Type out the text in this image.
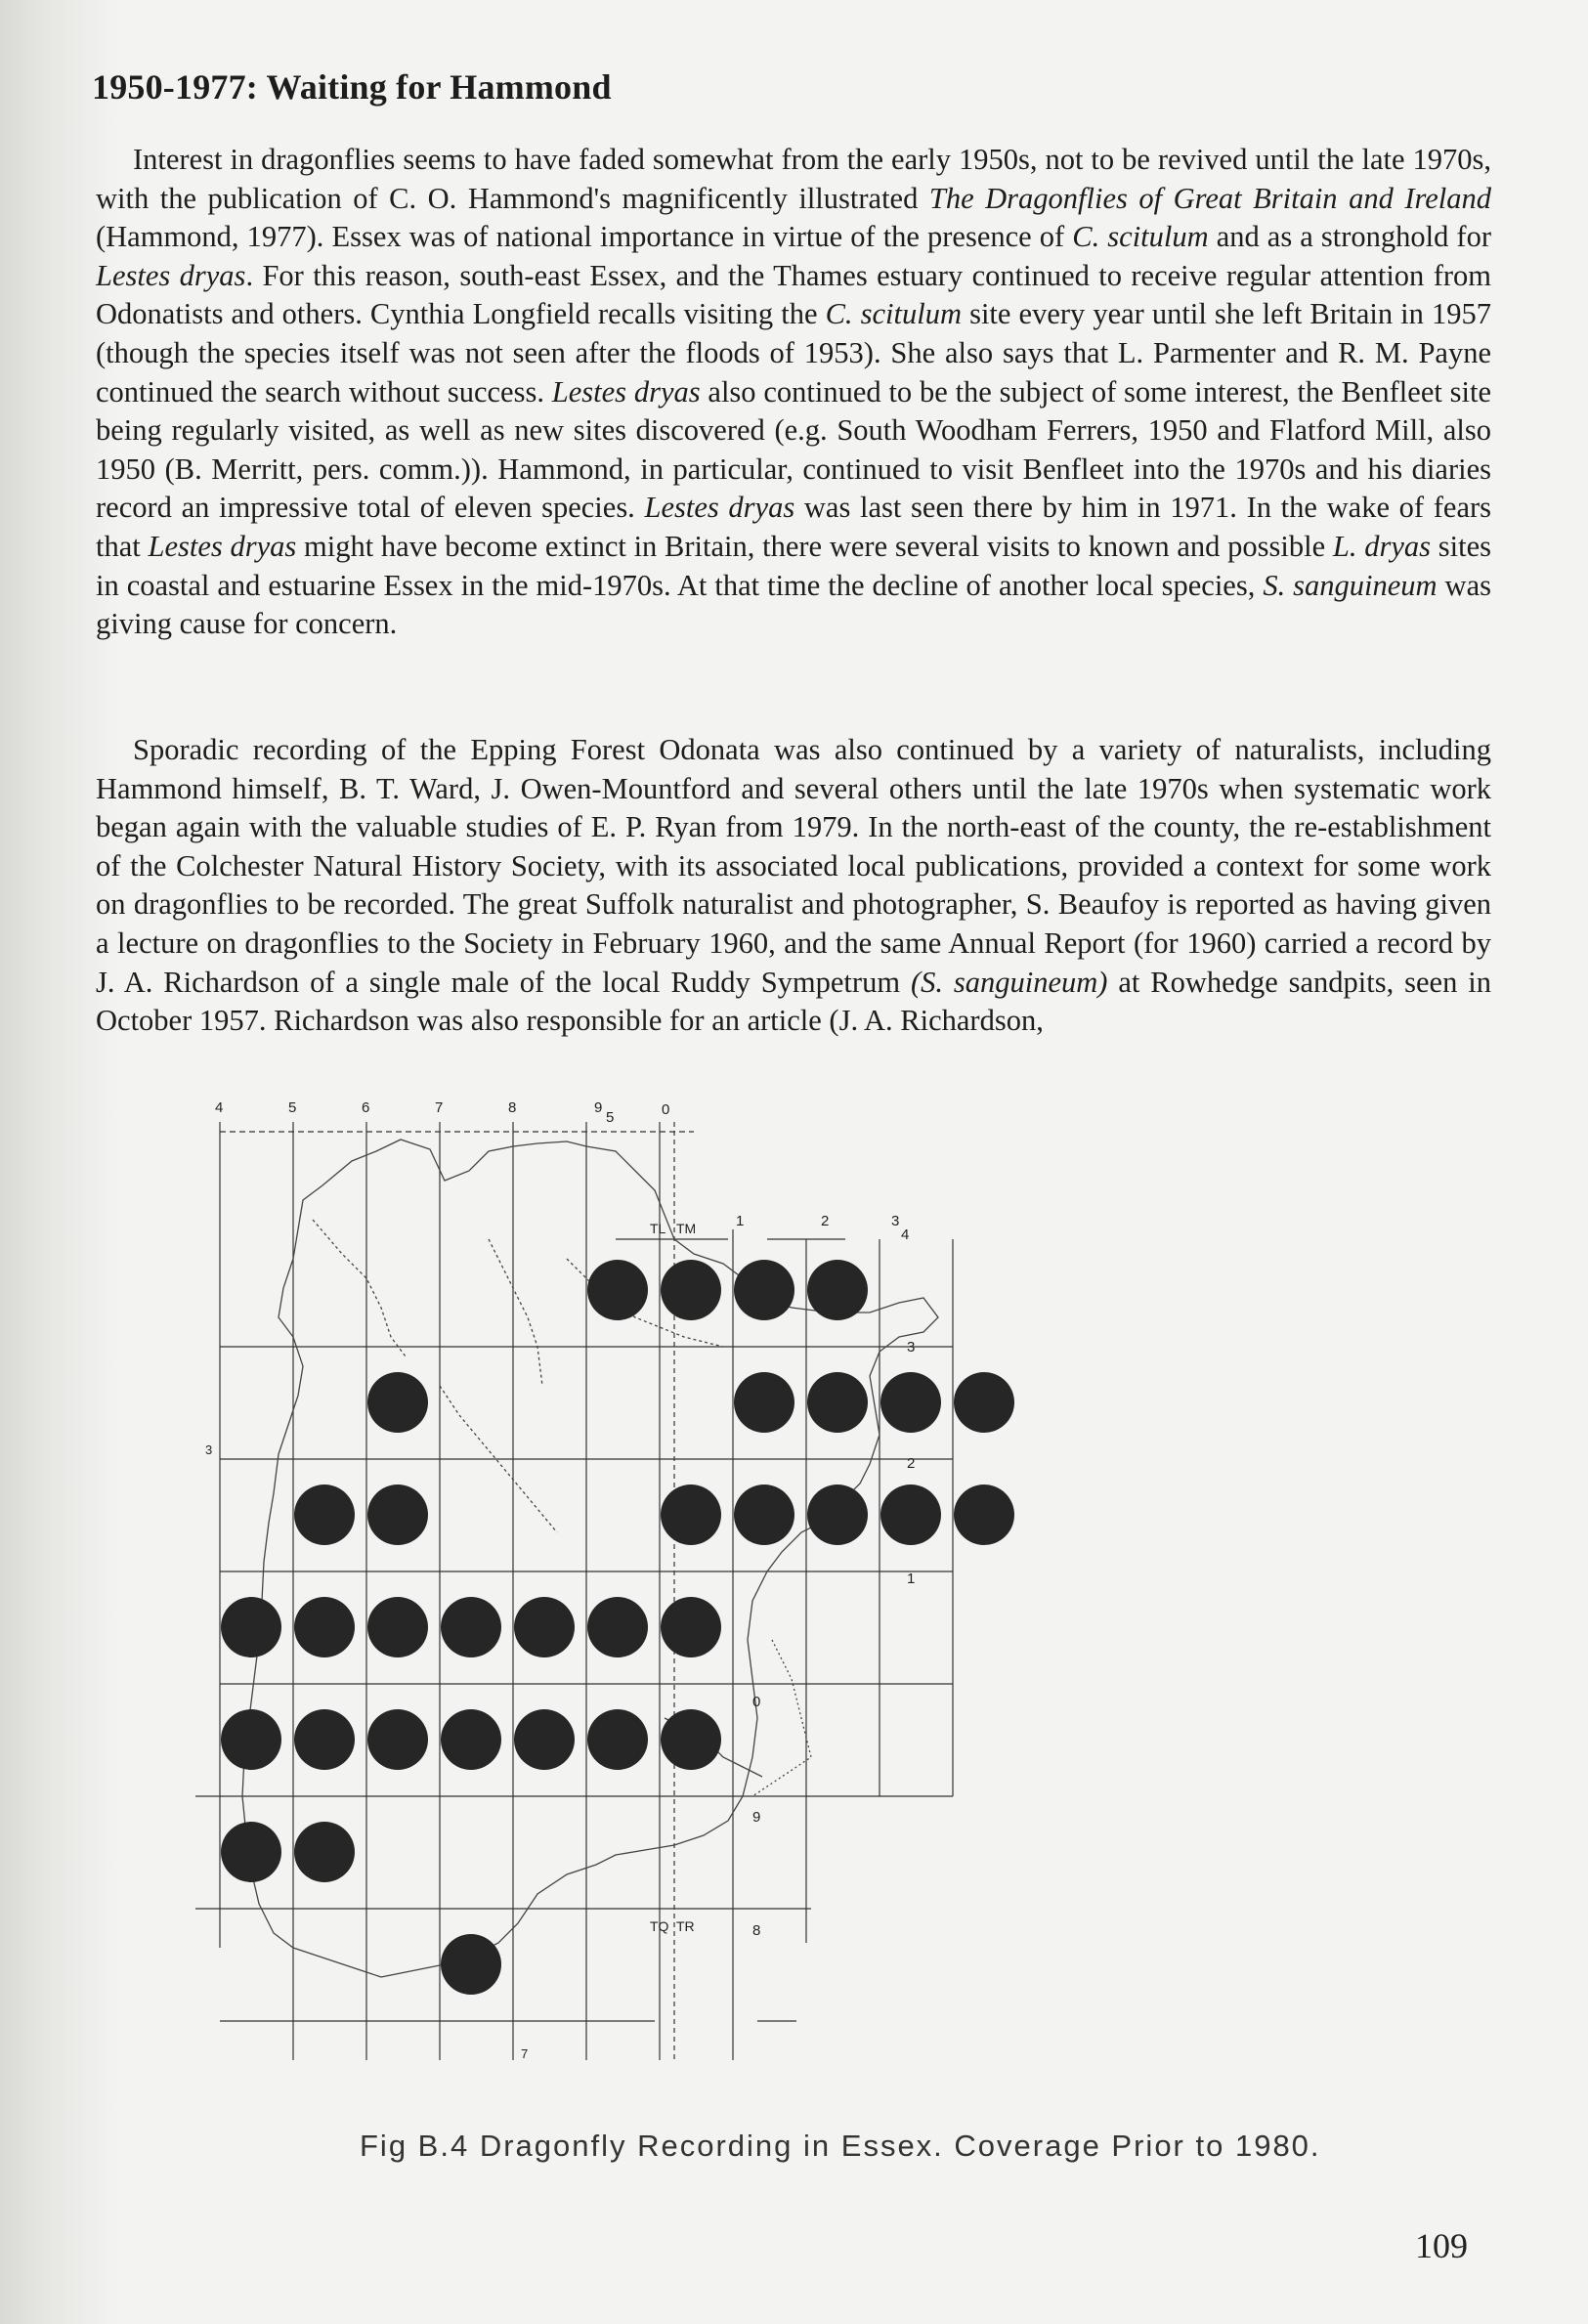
1950-1977: Waiting for Hammond

Interest in dragonflies seems to have faded somewhat from the early 1950s, not to be revived until the late 1970s, with the publication of C. O. Hammond's magnificently illustrated The Dragonflies of Great Britain and Ireland (Hammond, 1977). Essex was of national importance in virtue of the presence of C. scitulum and as a stronghold for Lestes dryas. For this reason, south-east Essex, and the Thames estuary continued to receive regular attention from Odonatists and others. Cynthia Longfield recalls visiting the C. scitulum site every year until she left Britain in 1957 (though the species itself was not seen after the floods of 1953). She also says that L. Parmenter and R. M. Payne continued the search without success. Lestes dryas also continued to be the subject of some interest, the Benfleet site being regularly visited, as well as new sites discovered (e.g. South Woodham Ferrers, 1950 and Flatford Mill, also 1950 (B. Merritt, pers. comm.)). Hammond, in particular, continued to visit Benfleet into the 1970s and his diaries record an impressive total of eleven species. Lestes dryas was last seen there by him in 1971. In the wake of fears that Lestes dryas might have become extinct in Britain, there were several visits to known and possible L. dryas sites in coastal and estuarine Essex in the mid-1970s. At that time the decline of another local species, S. sanguineum was giving cause for concern.

Sporadic recording of the Epping Forest Odonata was also continued by a variety of naturalists, including Hammond himself, B. T. Ward, J. Owen-Mountford and several others until the late 1970s when systematic work began again with the valuable studies of E. P. Ryan from 1979. In the north-east of the county, the re-establishment of the Colchester Natural History Society, with its associated local publications, provided a context for some work on dragonflies to be recorded. The great Suffolk naturalist and photographer, S. Beaufoy is reported as having given a lecture on dragonflies to the Society in February 1960, and the same Annual Report (for 1960) carried a record by J. A. Richardson of a single male of the local Ruddy Sympetrum (S. sanguineum) at Rowhedge sandpits, seen in October 1957. Richardson was also responsible for an article (J. A. Richardson,

4	5	6	7	8	9
5	0
TL TM	1	2	3
4
3
2
1
0
9
8
3
TQ TR
7
Fig B.4 Dragonfly Recording in Essex. Coverage Prior to 1980.
109
